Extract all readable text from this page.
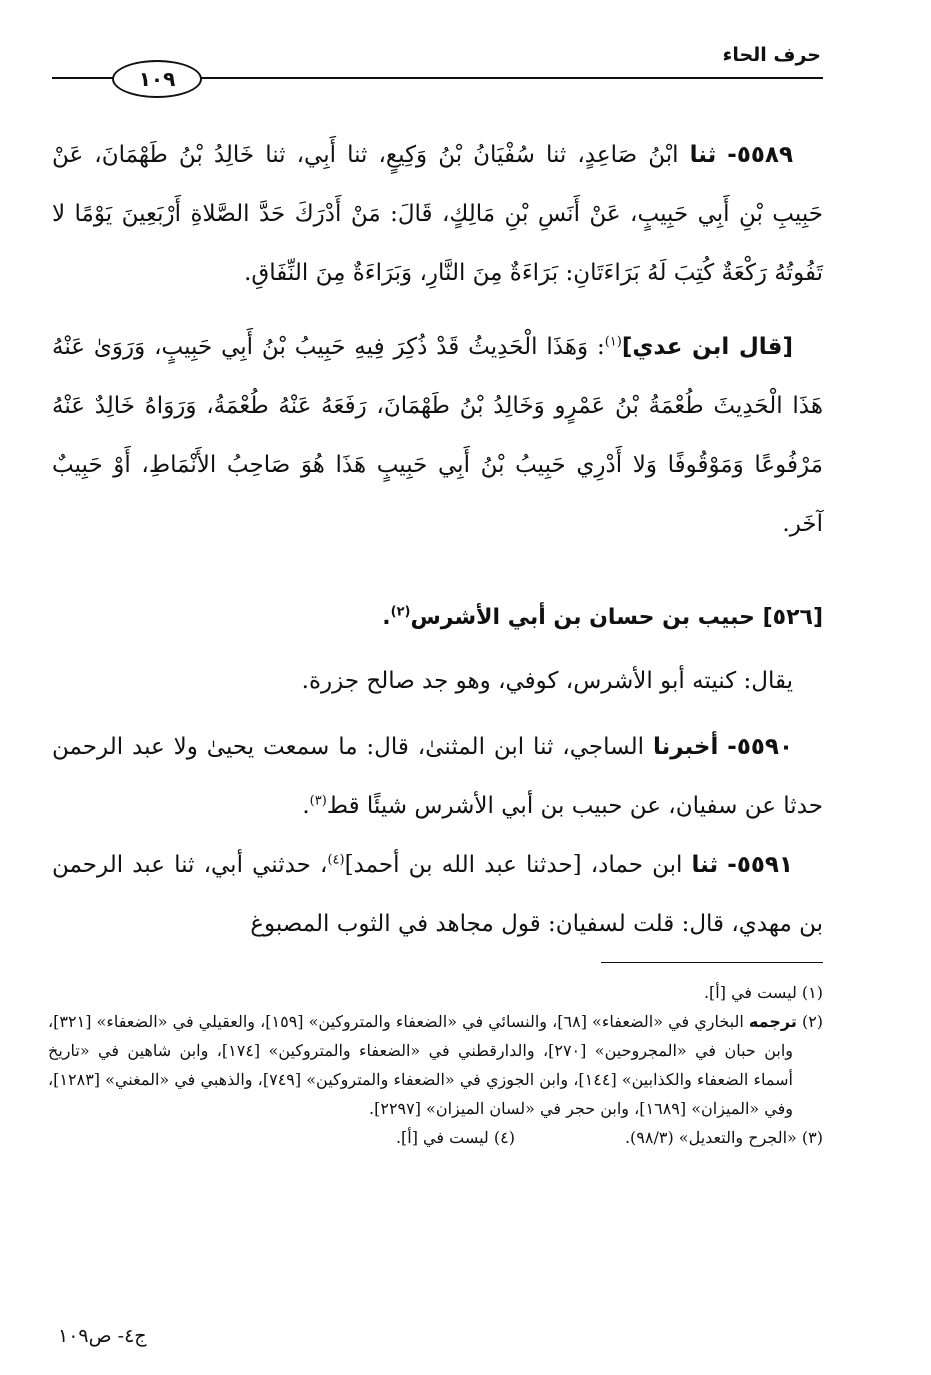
حرف الحاء
١٠٩
٥٥٨٩- ثنا ابْنُ صَاعِدٍ، ثنا سُفْيَانُ بْنُ وَكِيعٍ، ثنا أَبِي، ثنا خَالِدُ بْنُ طَهْمَانَ، عَنْ حَبِيبِ بْنِ أَبِي حَبِيبٍ، عَنْ أَنَسِ بْنِ مَالِكٍ، قَالَ: مَنْ أَدْرَكَ حَدَّ الصَّلاةِ أَرْبَعِينَ يَوْمًا لا تَفُوتُهُ رَكْعَةٌ كُتِبَ لَهُ بَرَاءَتَانِ: بَرَاءَةٌ مِنَ النَّارِ، وَبَرَاءَةٌ مِنَ النِّفَاقِ.
[قال ابن عدي]$^{(١)}$: وَهَذَا الْحَدِيثُ قَدْ ذُكِرَ فِيهِ حَبِيبُ بْنُ أَبِي حَبِيبٍ، وَرَوَىٰ عَنْهُ هَذَا الْحَدِيثَ طُعْمَةُ بْنُ عَمْرٍو وَخَالِدُ بْنُ طَهْمَانَ، رَفَعَهُ عَنْهُ طُعْمَةُ، وَرَوَاهُ خَالِدٌ عَنْهُ مَرْفُوعًا وَمَوْقُوفًا وَلا أَدْرِي حَبِيبُ بْنُ أَبِي حَبِيبٍ هَذَا هُوَ صَاحِبُ الأَنْمَاطِ، أَوْ حَبِيبٌ آخَر.
[٥٢٦] حبيب بن حسان بن أبي الأشرس$^{(٢)}$.
يقال: كنيته أبو الأشرس، كوفي، وهو جد صالح جزرة.
٥٥٩٠- أخبرنا الساجي، ثنا ابن المثنىٰ، قال: ما سمعت يحيىٰ ولا عبد الرحمن حدثا عن سفيان، عن حبيب بن أبي الأشرس شيئًا قط$^{(٣)}$.
٥٥٩١- ثنا ابن حماد، [حدثنا عبد الله بن أحمد]$^{(٤)}$، حدثني أبي، ثنا عبد الرحمن بن مهدي، قال: قلت لسفيان: قول مجاهد في الثوب المصبوغ

(١) ليست في [أ].

(٢) ترجمه البخاري في «الضعفاء» [٦٨]، والنسائي في «الضعفاء والمتروكين» [١٥٩]، والعقيلي في «الضعفاء» [٣٢١]، وابن حبان في «المجروحين» [٢٧٠]، والدارقطني في «الضعفاء والمتروكين» [١٧٤]، وابن شاهين في «تاريخ أسماء الضعفاء والكذابين» [١٤٤]، وابن الجوزي في «الضعفاء والمتروكين» [٧٤٩]، والذهبي في «المغني» [١٢٨٣]، وفي «الميزان» [١٦٨٩]، وابن حجر في «لسان الميزان» [٢٢٩٧].

(٣) «الجرح والتعديل» (٩٨/٣).
(٤) ليست في [أ].
ج٤- ص١٠٩
